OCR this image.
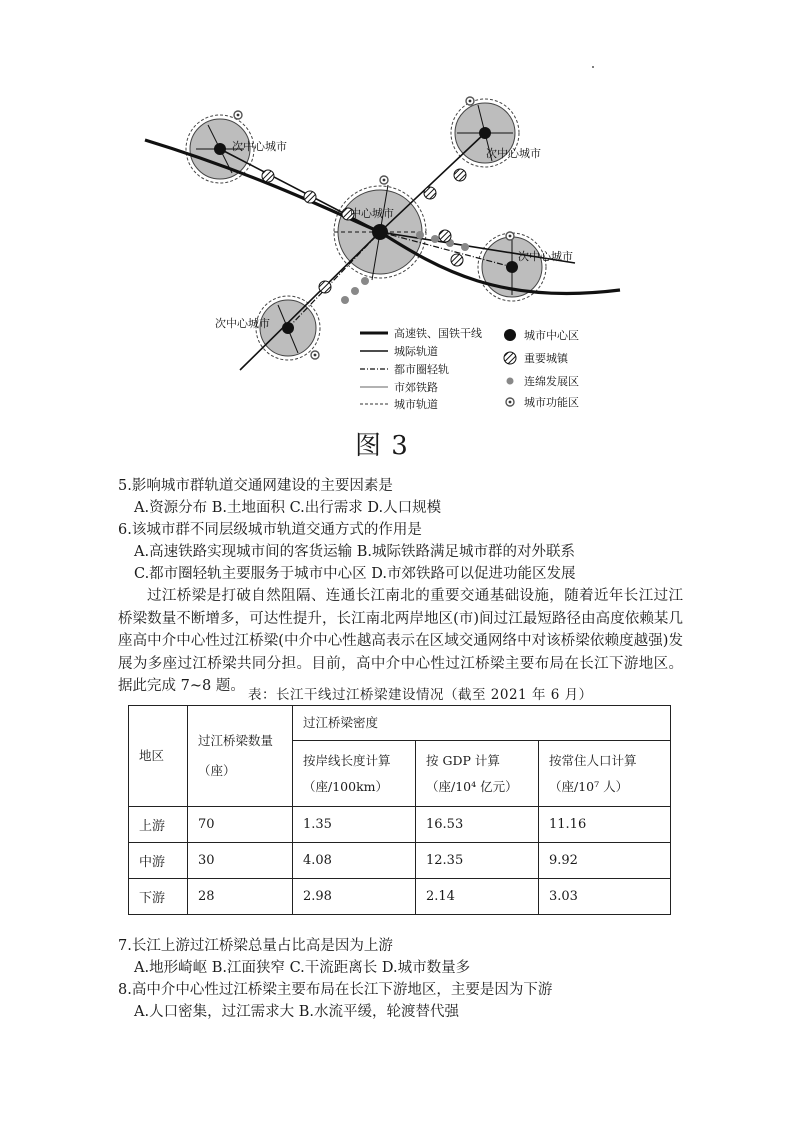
次中心城市
次中心城市
中心城市
次中心城市
次中心城市
高速铁、国铁干线
城际轨道
都市圈轻轨
市郊铁路
城市轨道
城市中心区
重要城镇
连绵发展区
城市功能区
图 3
5.影响城市群轨道交通网建设的主要因素是
A.资源分布 B.土地面积 C.出行需求 D.人口规模
6.该城市群不同层级城市轨道交通方式的作用是
A.高速铁路实现城市间的客货运输 B.城际铁路满足城市群的对外联系
C.都市圈轻轨主要服务于城市中心区 D.市郊铁路可以促进功能区发展
过江桥梁是打破自然阻隔、连通长江南北的重要交通基础设施，随着近年长江过江桥梁数量不断增多，可达性提升，长江南北两岸地区(市)间过江最短路径由高度依赖某几座高中介中心性过江桥梁(中介中心性越高表示在区域交通网络中对该桥梁依赖度越强)发展为多座过江桥梁共同分担。目前，高中介中心性过江桥梁主要布局在长江下游地区。据此完成 7~8 题。
表：长江干线过江桥梁建设情况（截至 2021 年 6 月）
地区	过江桥梁数量（座）	过江桥梁密度		
		按岸线长度计算（座/100km）	按 GDP 计算（座/10⁴ 亿元）	按常住人口计算（座/10⁷ 人）
上游	70	1.35	16.53	11.16
中游	30	4.08	12.35	9.92
下游	28	2.98	2.14	3.03
7.长江上游过江桥梁总量占比高是因为上游
A.地形崎岖 B.江面狭窄 C.干流距离长 D.城市数量多
8.高中介中心性过江桥梁主要布局在长江下游地区，主要是因为下游
A.人口密集，过江需求大 B.水流平缓，轮渡替代强
